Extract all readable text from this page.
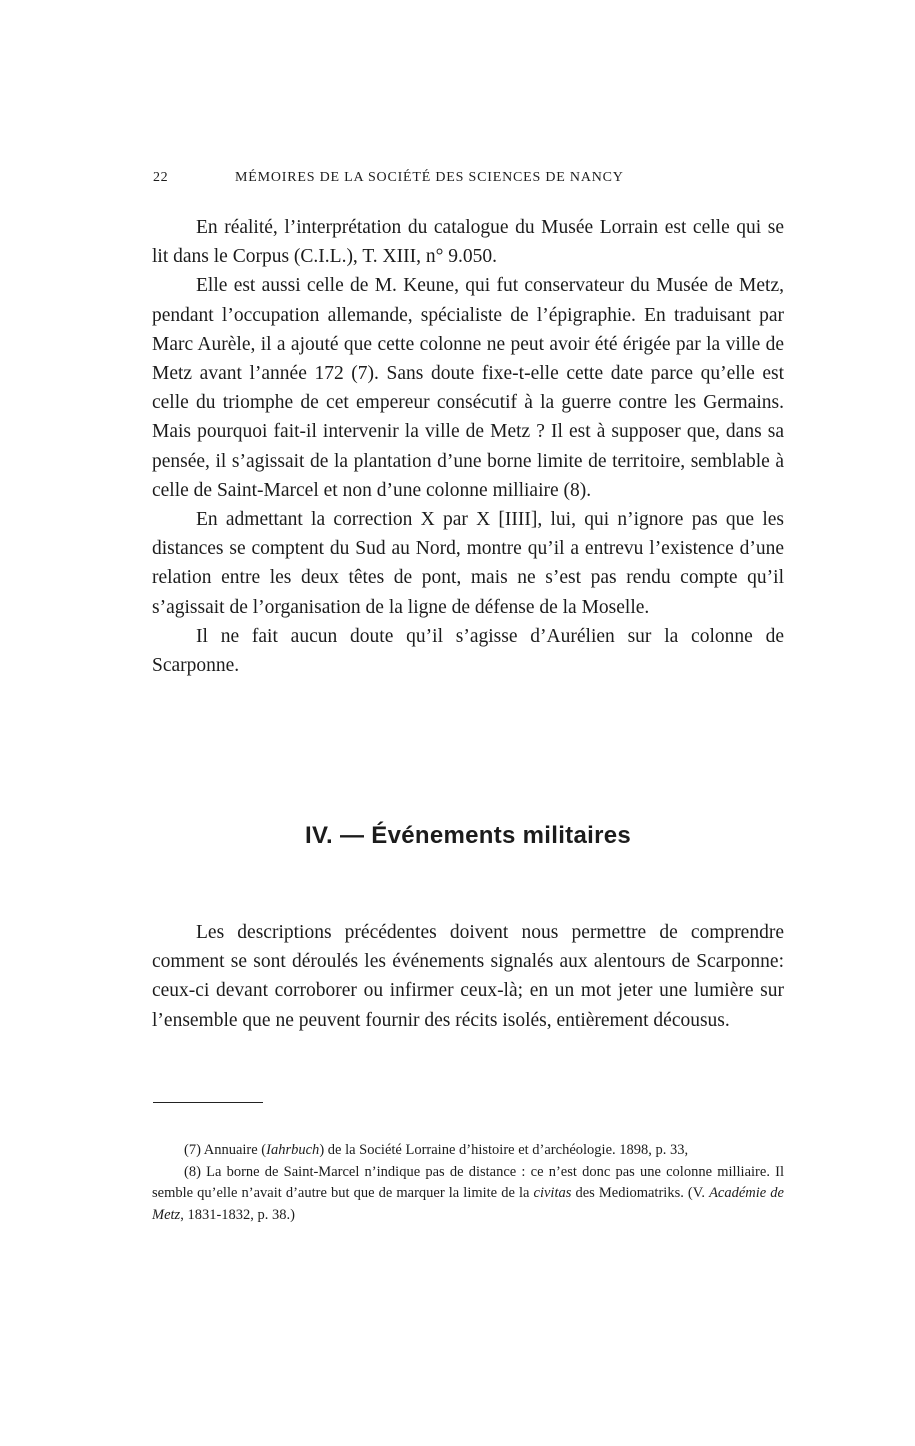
22	MÉMOIRES DE LA SOCIÉTÉ DES SCIENCES DE NANCY

En réalité, l’interprétation du catalogue du Musée Lorrain est celle qui se lit dans le Corpus (C.I.L.), T. XIII, n° 9.050.

Elle est aussi celle de M. Keune, qui fut conservateur du Musée de Metz, pendant l’occupation allemande, spécialiste de l’épigraphie. En traduisant par Marc Aurèle, il a ajouté que cette colonne ne peut avoir été érigée par la ville de Metz avant l’année 172 (7). Sans doute fixe-t-elle cette date parce qu’elle est celle du triomphe de cet empereur consécutif à la guerre contre les Germains. Mais pourquoi fait-il intervenir la ville de Metz ? Il est à supposer que, dans sa pensée, il s’agissait de la plantation d’une borne limite de territoire, semblable à celle de Saint-Marcel et non d’une colonne milliaire (8).

En admettant la correction X par X [IIII], lui, qui n’ignore pas que les distances se comptent du Sud au Nord, montre qu’il a entrevu l’existence d’une relation entre les deux têtes de pont, mais ne s’est pas rendu compte qu’il s’agissait de l’organisation de la ligne de défense de la Moselle.

Il ne fait aucun doute qu’il s’agisse d’Aurélien sur la colonne de Scarponne.

IV. — Événements militaires

Les descriptions précédentes doivent nous permettre de comprendre comment se sont déroulés les événements signalés aux alentours de Scarponne: ceux-ci devant corroborer ou infirmer ceux-là; en un mot jeter une lumière sur l’ensemble que ne peuvent fournir des récits isolés, entièrement décousus.

(7) Annuaire (Iahrbuch) de la Société Lorraine d’histoire et d’archéologie. 1898, p. 33,

(8) La borne de Saint-Marcel n’indique pas de distance : ce n’est donc pas une colonne milliaire. Il semble qu’elle n’avait d’autre but que de marquer la limite de la civitas des Mediomatriks. (V. Académie de Metz, 1831-1832, p. 38.)
